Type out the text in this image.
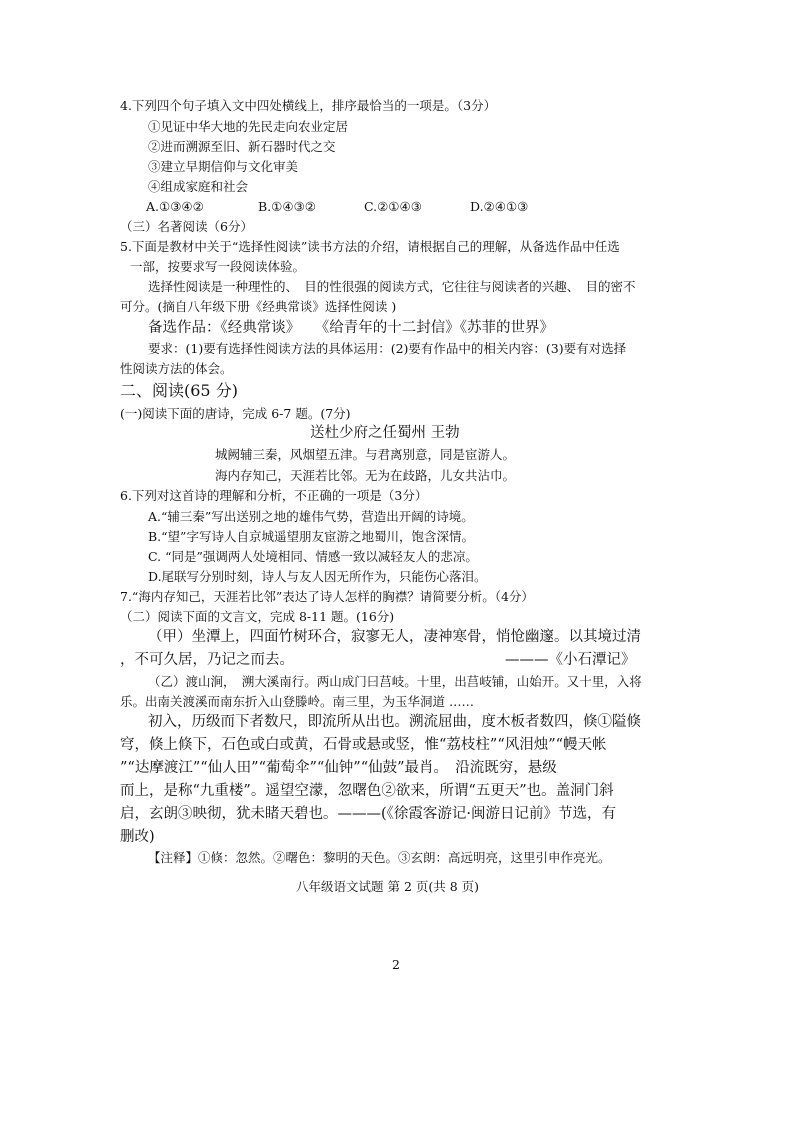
4.下列四个句子填入文中四处横线上，排序最恰当的一项是。（3分）
①见证中华大地的先民走向农业定居
②进而溯源至旧、新石器时代之交
③建立早期信仰与文化审美
④组成家庭和社会
A.①③④②	B.①④③②	C.②①④③	D.②④①③
（三）名著阅读（6分）
5.下面是教材中关于“选择性阅读”读书方法的介绍，请根据自己的理解，从备选作品中任选
一部，按要求写一段阅读体验。
选择性阅读是一种理性的、　目的性很强的阅读方式，它往往与阅读者的兴趣、　目的密不
可分。(摘自八年级下册《经典常谈》选择性阅读 )
备选作品：《经典常谈》　　《给青年的十二封信》《苏菲的世界》
要求：(1)要有选择性阅读方法的具体运用：(2)要有作品中的相关内容：(3)要有对选择
性阅读方法的体会。
二、阅读(65 分)
(一)阅读下面的唐诗，完成 6-7 题。(7分)
送杜少府之任蜀州 王勃
城阙辅三秦，风烟望五津。与君离别意，同是宦游人。
海内存知己，天涯若比邻。无为在歧路，儿女共沾巾。
6.下列对这首诗的理解和分析，不正确的一项是（3分）
A.“辅三秦”写出送别之地的雄伟气势，营造出开阔的诗境。
B.“望”字写诗人自京城遥望朋友宦游之地蜀川，饱含深情。
C. “同是”强调两人处境相同、情感一致以减轻友人的悲凉。
D.尾联写分别时刻，诗人与友人因无所作为，只能伤心落泪。
7.“海内存知己，天涯若比邻”表达了诗人怎样的胸襟？请简要分析。（4分）
（二）阅读下面的文言文，完成 8-11 题。(16分)
（甲）坐潭上，四面竹树环合，寂寥无人，凄神寒骨，悄怆幽邃。以其境过清
，不可久居，乃记之而去。	———《小石潭记》
（乙）渡山涧，　溯大溪南行。两山成门曰莒岐。十里，出莒岐铺，山始开。又十里，入将
乐。出南关渡溪而南东折入山登滕岭。南三里，为玉华洞道 ……
初入，历级而下者数尺，即流所从出也。溯流屈曲，度木板者数四，倏①隘倏
穹，倏上倏下，石色或白或黄，石骨或悬或竖，惟“荔枝柱”“风泪烛”“幔天帐
”“达摩渡江”“仙人田”“葡萄伞”“仙钟”“仙鼓”最肖。　沿流既穷，悬级
而上，是称“九重楼”。遥望空濛，忽曙色②欲来，所谓“五更天”也。盖洞门斜
启，玄朗③映彻，犹未睹天碧也。———(《徐霞客游记·闽游日记前》节选，有
删改)
【注释】①倏：忽然。②曙色：黎明的天色。③玄朗：高远明亮，这里引申作亮光。
八年级语文试题 第 2 页(共 8 页)
2
